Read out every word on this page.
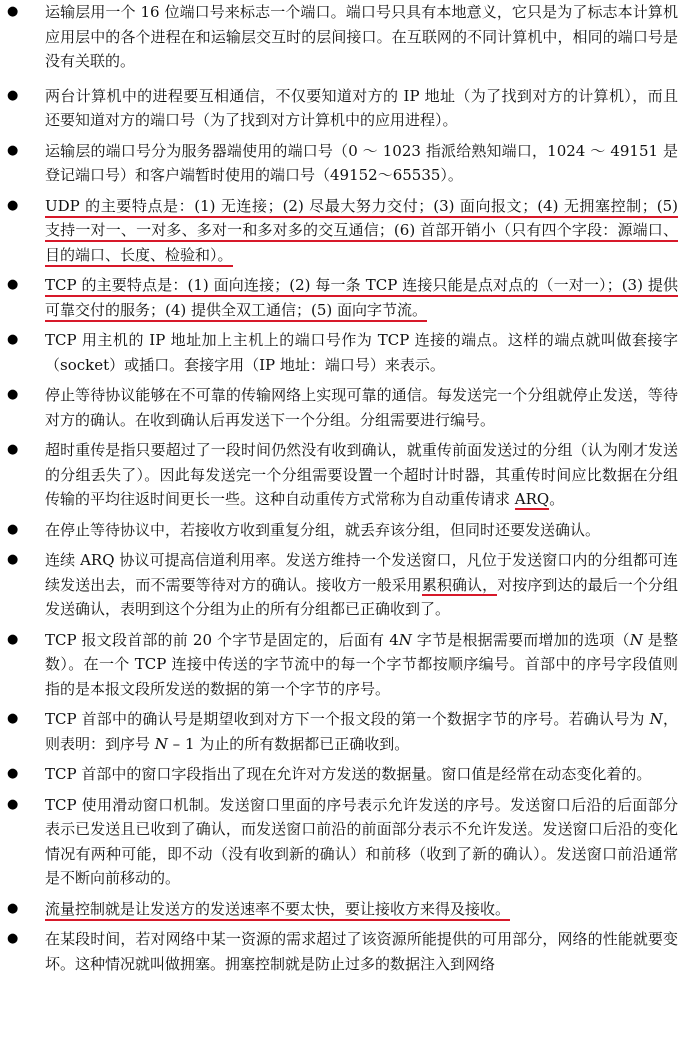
● 运输层用一个 16 位端口号来标志一个端口。端口号只具有本地意义，它只是为了标志本计算机应用层中的各个进程在和运输层交互时的层间接口。在互联网的不同计算机中，相同的端口号是没有关联的。
● 两台计算机中的进程要互相通信，不仅要知道对方的 IP 地址（为了找到对方的计算机），而且还要知道对方的端口号（为了找到对方计算机中的应用进程）。
● 运输层的端口号分为服务器端使用的端口号（0 ～ 1023 指派给熟知端口，1024 ～ 49151 是登记端口号）和客户端暂时使用的端口号（49152～65535）。
● UDP 的主要特点是：(1) 无连接；(2) 尽最大努力交付；(3) 面向报文；(4) 无拥塞控制；(5) 支持一对一、一对多、多对一和多对多的交互通信；(6) 首部开销小（只有四个字段：源端口、目的端口、长度、检验和）。
● TCP 的主要特点是：(1) 面向连接；(2) 每一条 TCP 连接只能是点对点的（一对一）；(3) 提供可靠交付的服务；(4) 提供全双工通信；(5) 面向字节流。
● TCP 用主机的 IP 地址加上主机上的端口号作为 TCP 连接的端点。这样的端点就叫做套接字（socket）或插口。套接字用（IP 地址：端口号）来表示。
● 停止等待协议能够在不可靠的传输网络上实现可靠的通信。每发送完一个分组就停止发送，等待对方的确认。在收到确认后再发送下一个分组。分组需要进行编号。
● 超时重传是指只要超过了一段时间仍然没有收到确认，就重传前面发送过的分组（认为刚才发送的分组丢失了）。因此每发送完一个分组需要设置一个超时计时器，其重传时间应比数据在分组传输的平均往返时间更长一些。这种自动重传方式常称为自动重传请求 ARQ。
● 在停止等待协议中，若接收方收到重复分组，就丢弃该分组，但同时还要发送确认。
● 连续 ARQ 协议可提高信道利用率。发送方维持一个发送窗口，凡位于发送窗口内的分组都可连续发送出去，而不需要等待对方的确认。接收方一般采用累积确认，对按序到达的最后一个分组发送确认，表明到这个分组为止的所有分组都已正确收到了。
● TCP 报文段首部的前 20 个字节是固定的，后面有 4N 字节是根据需要而增加的选项（N 是整数）。在一个 TCP 连接中传送的字节流中的每一个字节都按顺序编号。首部中的序号字段值则指的是本报文段所发送的数据的第一个字节的序号。
● TCP 首部中的确认号是期望收到对方下一个报文段的第一个数据字节的序号。若确认号为 N，则表明：到序号 N – 1 为止的所有数据都已正确收到。
● TCP 首部中的窗口字段指出了现在允许对方发送的数据量。窗口值是经常在动态变化着的。
● TCP 使用滑动窗口机制。发送窗口里面的序号表示允许发送的序号。发送窗口后沿的后面部分表示已发送且已收到了确认，而发送窗口前沿的前面部分表示不允许发送。发送窗口后沿的变化情况有两种可能，即不动（没有收到新的确认）和前移（收到了新的确认）。发送窗口前沿通常是不断向前移动的。
● 流量控制就是让发送方的发送速率不要太快，要让接收方来得及接收。
● 在某段时间，若对网络中某一资源的需求超过了该资源所能提供的可用部分，网络的性能就要变坏。这种情况就叫做拥塞。拥塞控制就是防止过多的数据注入到网络
